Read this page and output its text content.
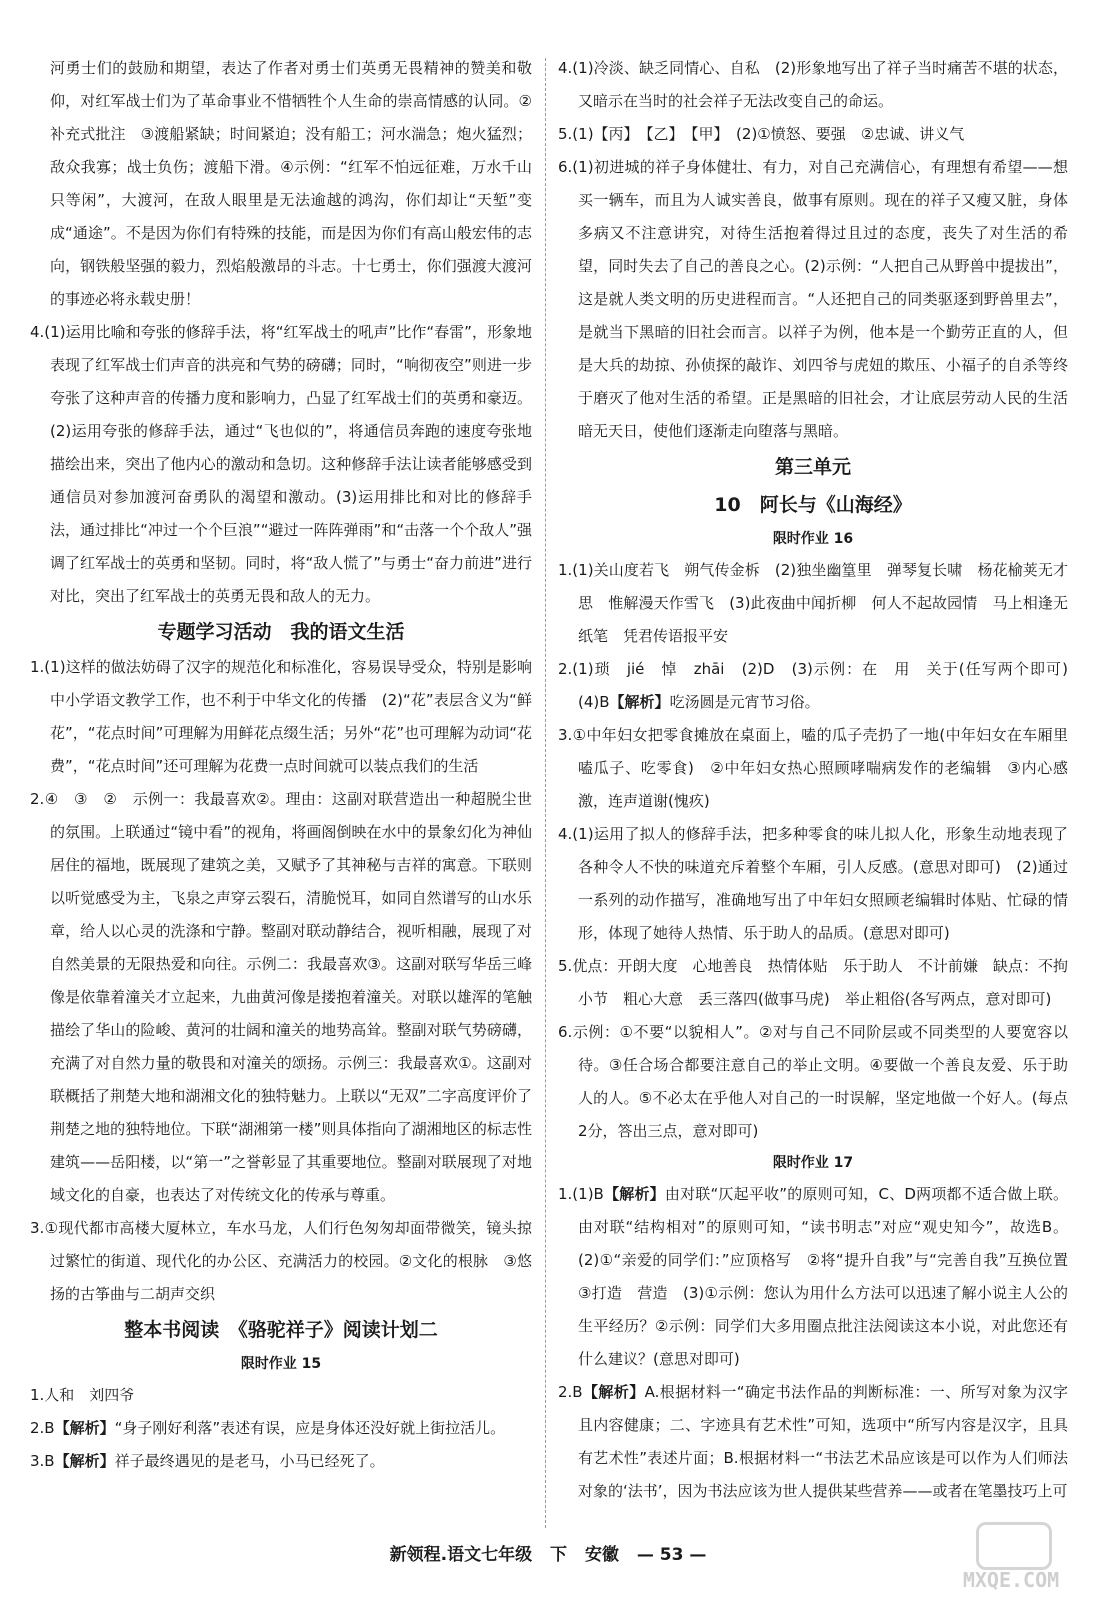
河勇士们的鼓励和期望，表达了作者对勇士们英勇无畏精神的赞美和敬仰，对红军战士们为了革命事业不惜牺牲个人生命的崇高情感的认同。②补充式批注　③渡船紧缺；时间紧迫；没有船工；河水湍急；炮火猛烈；敌众我寡；战士负伤；渡船下滑。④示例：“红军不怕远征难，万水千山只等闲”，大渡河，在敌人眼里是无法逾越的鸿沟，你们却让“天堑”变成“通途”。不是因为你们有特殊的技能，而是因为你们有高山般宏伟的志向，钢铁般坚强的毅力，烈焰般激昂的斗志。十七勇士，你们强渡大渡河的事迹必将永载史册！

4.(1)运用比喻和夸张的修辞手法，将“红军战士的吼声”比作“春雷”，形象地表现了红军战士们声音的洪亮和气势的磅礴；同时，“响彻夜空”则进一步夸张了这种声音的传播力度和影响力，凸显了红军战士们的英勇和豪迈。(2)运用夸张的修辞手法，通过“飞也似的”，将通信员奔跑的速度夸张地描绘出来，突出了他内心的激动和急切。这种修辞手法让读者能够感受到通信员对参加渡河奋勇队的渴望和激动。(3)运用排比和对比的修辞手法，通过排比“冲过一个个巨浪”“避过一阵阵弹雨”和“击落一个个敌人”强调了红军战士的英勇和坚韧。同时，将“敌人慌了”与勇士“奋力前进”进行对比，突出了红军战士的英勇无畏和敌人的无力。

专题学习活动　我的语文生活

1.(1)这样的做法妨碍了汉字的规范化和标准化，容易误导受众，特别是影响中小学语文教学工作，也不利于中华文化的传播　(2)“花”表层含义为“鲜花”，“花点时间”可理解为用鲜花点缀生活；另外“花”也可理解为动词“花费”，“花点时间”还可理解为花费一点时间就可以装点我们的生活

2.④　③　②　示例一：我最喜欢②。理由：这副对联营造出一种超脱尘世的氛围。上联通过“镜中看”的视角，将画阁倒映在水中的景象幻化为神仙居住的福地，既展现了建筑之美，又赋予了其神秘与吉祥的寓意。下联则以听觉感受为主，飞泉之声穿云裂石，清脆悦耳，如同自然谱写的山水乐章，给人以心灵的洗涤和宁静。整副对联动静结合，视听相融，展现了对自然美景的无限热爱和向往。示例二：我最喜欢③。这副对联写华岳三峰像是依靠着潼关才立起来，九曲黄河像是搂抱着潼关。对联以雄浑的笔触描绘了华山的险峻、黄河的壮阔和潼关的地势高耸。整副对联气势磅礴，充满了对自然力量的敬畏和对潼关的颂扬。示例三：我最喜欢①。这副对联概括了荆楚大地和湖湘文化的独特魅力。上联以“无双”二字高度评价了荆楚之地的独特地位。下联“湖湘第一楼”则具体指向了湖湘地区的标志性建筑——岳阳楼，以“第一”之誉彰显了其重要地位。整副对联展现了对地域文化的自豪，也表达了对传统文化的传承与尊重。

3.①现代都市高楼大厦林立，车水马龙，人们行色匆匆却面带微笑，镜头掠过繁忙的街道、现代化的办公区、充满活力的校园。②文化的根脉　③悠扬的古筝曲与二胡声交织

整本书阅读　《骆驼祥子》阅读计划二
限时作业 15

1.人和　刘四爷

2.B【解析】“身子刚好利落”表述有误，应是身体还没好就上街拉活儿。

3.B【解析】祥子最终遇见的是老马，小马已经死了。

4.(1)冷淡、缺乏同情心、自私　(2)形象地写出了祥子当时痛苦不堪的状态，又暗示在当时的社会祥子无法改变自己的命运。

5.(1)【丙】　【乙】　【甲】　(2)①愤怒、要强　②忠诚、讲义气

6.(1)初进城的祥子身体健壮、有力，对自己充满信心，有理想有希望——想买一辆车，而且为人诚实善良，做事有原则。现在的祥子又瘦又脏，身体多病又不注意讲究，对待生活抱着得过且过的态度，丧失了对生活的希望，同时失去了自己的善良之心。(2)示例：“人把自己从野兽中提拔出”，这是就人类文明的历史进程而言。“人还把自己的同类驱逐到野兽里去”，是就当下黑暗的旧社会而言。以祥子为例，他本是一个勤劳正直的人，但是大兵的劫掠、孙侦探的敲诈、刘四爷与虎妞的欺压、小福子的自杀等终于磨灭了他对生活的希望。正是黑暗的旧社会，才让底层劳动人民的生活暗无天日，使他们逐渐走向堕落与黑暗。

第三单元
10　阿长与《山海经》
限时作业 16

1.(1)关山度若飞　朔气传金柝　(2)独坐幽篁里　弹琴复长啸　杨花榆荚无才思　惟解漫天作雪飞　(3)此夜曲中闻折柳　何人不起故园情　马上相逢无纸笔　凭君传语报平安

2.(1)琐　jié　悼　zhāi　(2)D　(3)示例：在　用　关于(任写两个即可)　(4)B【解析】吃汤圆是元宵节习俗。

3.①中年妇女把零食摊放在桌面上，嗑的瓜子壳扔了一地(中年妇女在车厢里嗑瓜子、吃零食)　②中年妇女热心照顾哮喘病发作的老编辑　③内心感激，连声道谢(愧疚)

4.(1)运用了拟人的修辞手法，把多种零食的味儿拟人化，形象生动地表现了各种令人不快的味道充斥着整个车厢，引人反感。(意思对即可)　(2)通过一系列的动作描写，准确地写出了中年妇女照顾老编辑时体贴、忙碌的情形，体现了她待人热情、乐于助人的品质。(意思对即可)

5.优点：开朗大度　心地善良　热情体贴　乐于助人　不计前嫌　缺点：不拘小节　粗心大意　丢三落四(做事马虎)　举止粗俗(各写两点，意对即可)

6.示例：①不要“以貌相人”。②对与自己不同阶层或不同类型的人要宽容以待。③任合场合都要注意自己的举止文明。④要做一个善良友爱、乐于助人的人。⑤不必太在乎他人对自己的一时误解，坚定地做一个好人。(每点2分，答出三点，意对即可)

限时作业 17

1.(1)B【解析】由对联“仄起平收”的原则可知，C、D两项都不适合做上联。由对联“结构相对”的原则可知，“读书明志”对应“观史知今”，故选B。(2)①“亲爱的同学们：”应顶格写　②将“提升自我”与“完善自我”互换位置　③打造　营造　(3)①示例：您认为用什么方法可以迅速了解小说主人公的生平经历？②示例：同学们大多用圈点批注法阅读这本小说，对此您还有什么建议？(意思对即可)

2.B【解析】A.根据材料一“确定书法作品的判断标准：一、所写对象为汉字且内容健康；二、字迹具有艺术性”可知，选项中“所写内容是汉字，且具有艺术性”表述片面；B.根据材料一“书法艺术品应该是可以作为人们师法对象的‘法书’，因为书法应该为世人提供某些营养——或者在笔墨技巧上可

新领程.语文七年级 下 安徽 — 53 —
MXQE.COM
